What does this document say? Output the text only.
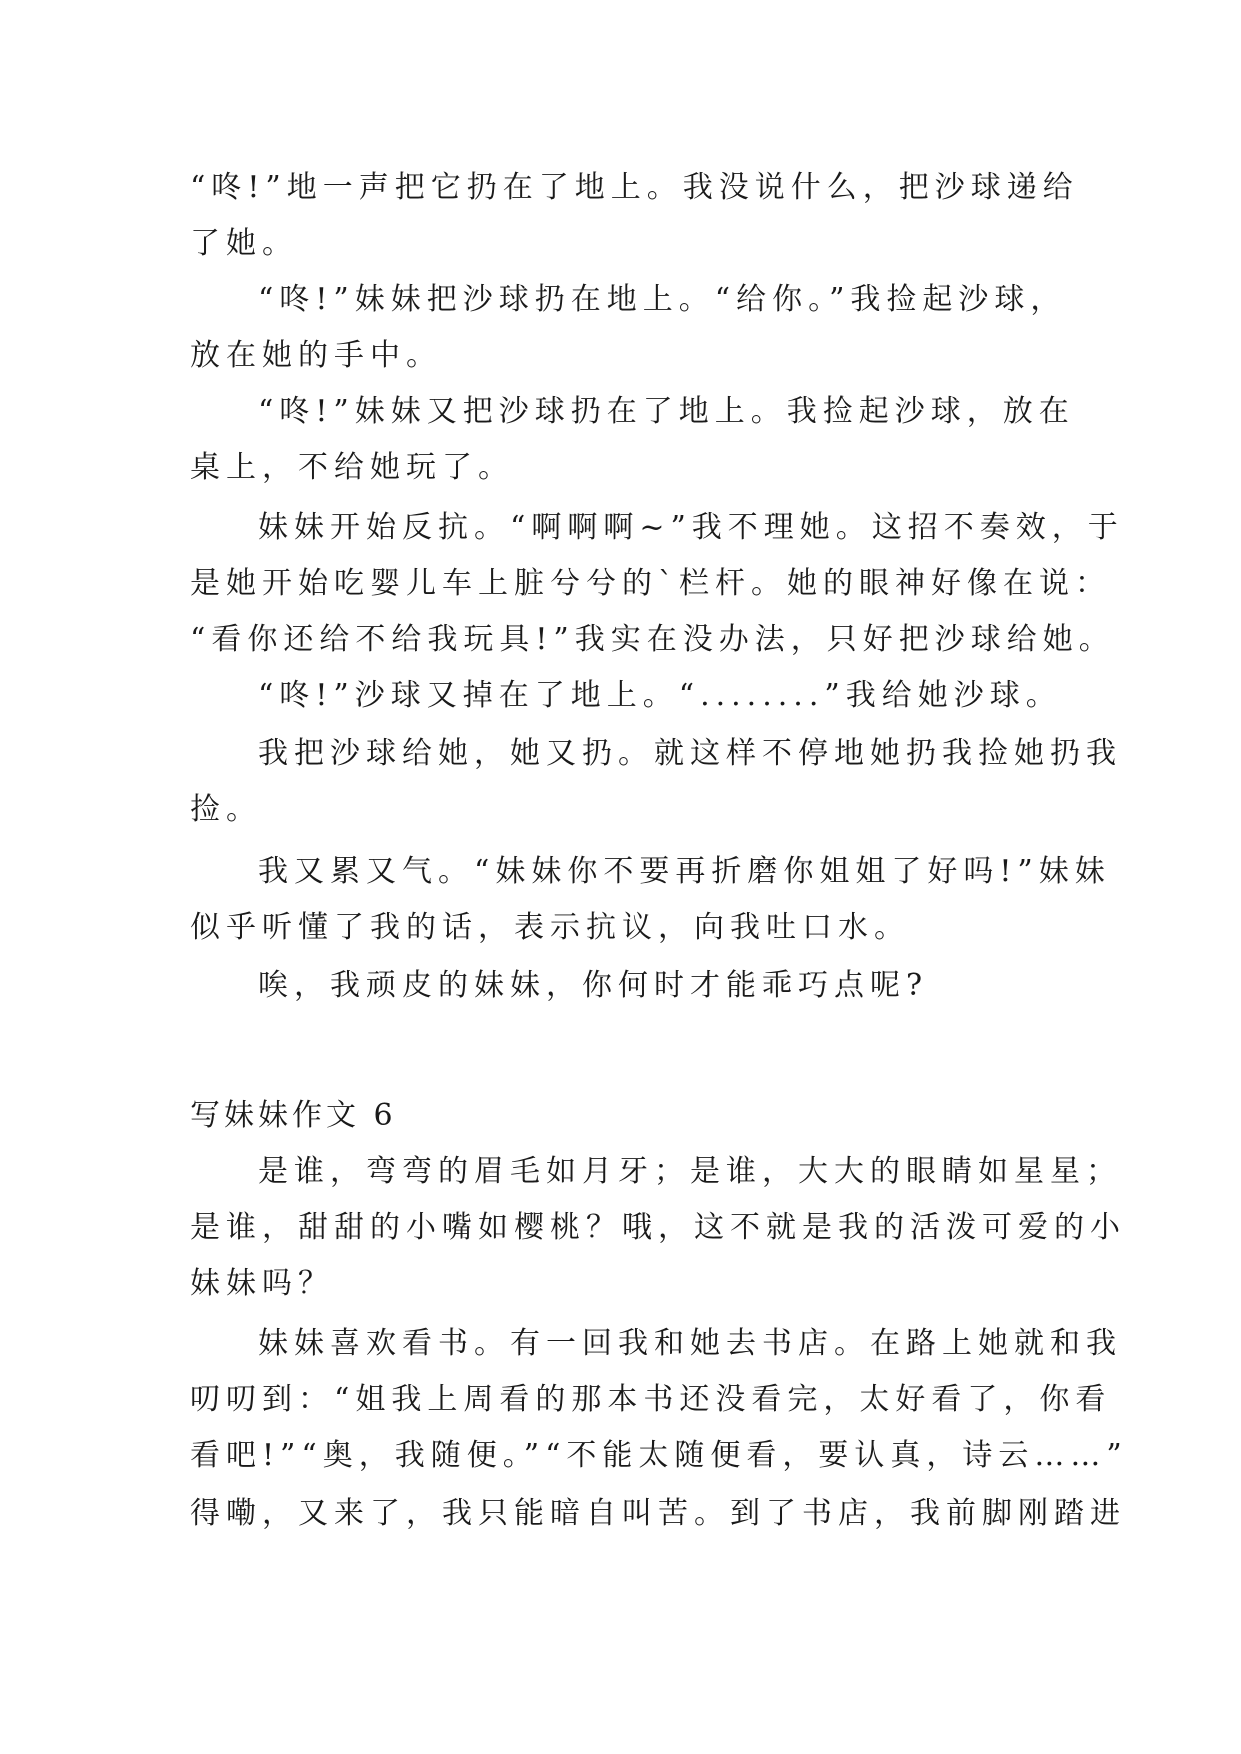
“咚!”地一声把它扔在了地上。我没说什么，把沙球递给
了她。
“咚!”妹妹把沙球扔在地上。“给你。”我捡起沙球，
放在她的手中。
“咚!”妹妹又把沙球扔在了地上。我捡起沙球，放在
桌上，不给她玩了。
妹妹开始反抗。“啊啊啊~”我不理她。这招不奏效，于
是她开始吃婴儿车上脏兮兮的`栏杆。她的眼神好像在说：
“看你还给不给我玩具!”我实在没办法，只好把沙球给她。
“咚!”沙球又掉在了地上。“........”我给她沙球。
我把沙球给她，她又扔。就这样不停地她扔我捡她扔我
捡。
我又累又气。“妹妹你不要再折磨你姐姐了好吗!”妹妹
似乎听懂了我的话，表示抗议，向我吐口水。
唉，我顽皮的妹妹，你何时才能乖巧点呢?
写妹妹作文 6
是谁，弯弯的眉毛如月牙；是谁，大大的眼睛如星星；
是谁，甜甜的小嘴如樱桃？哦，这不就是我的活泼可爱的小
妹妹吗？
妹妹喜欢看书。有一回我和她去书店。在路上她就和我
叨叨到：“姐我上周看的那本书还没看完，太好看了，你看
看吧!”“奥，我随便。”“不能太随便看，要认真，诗云……”
得嘞，又来了，我只能暗自叫苦。到了书店，我前脚刚踏进
